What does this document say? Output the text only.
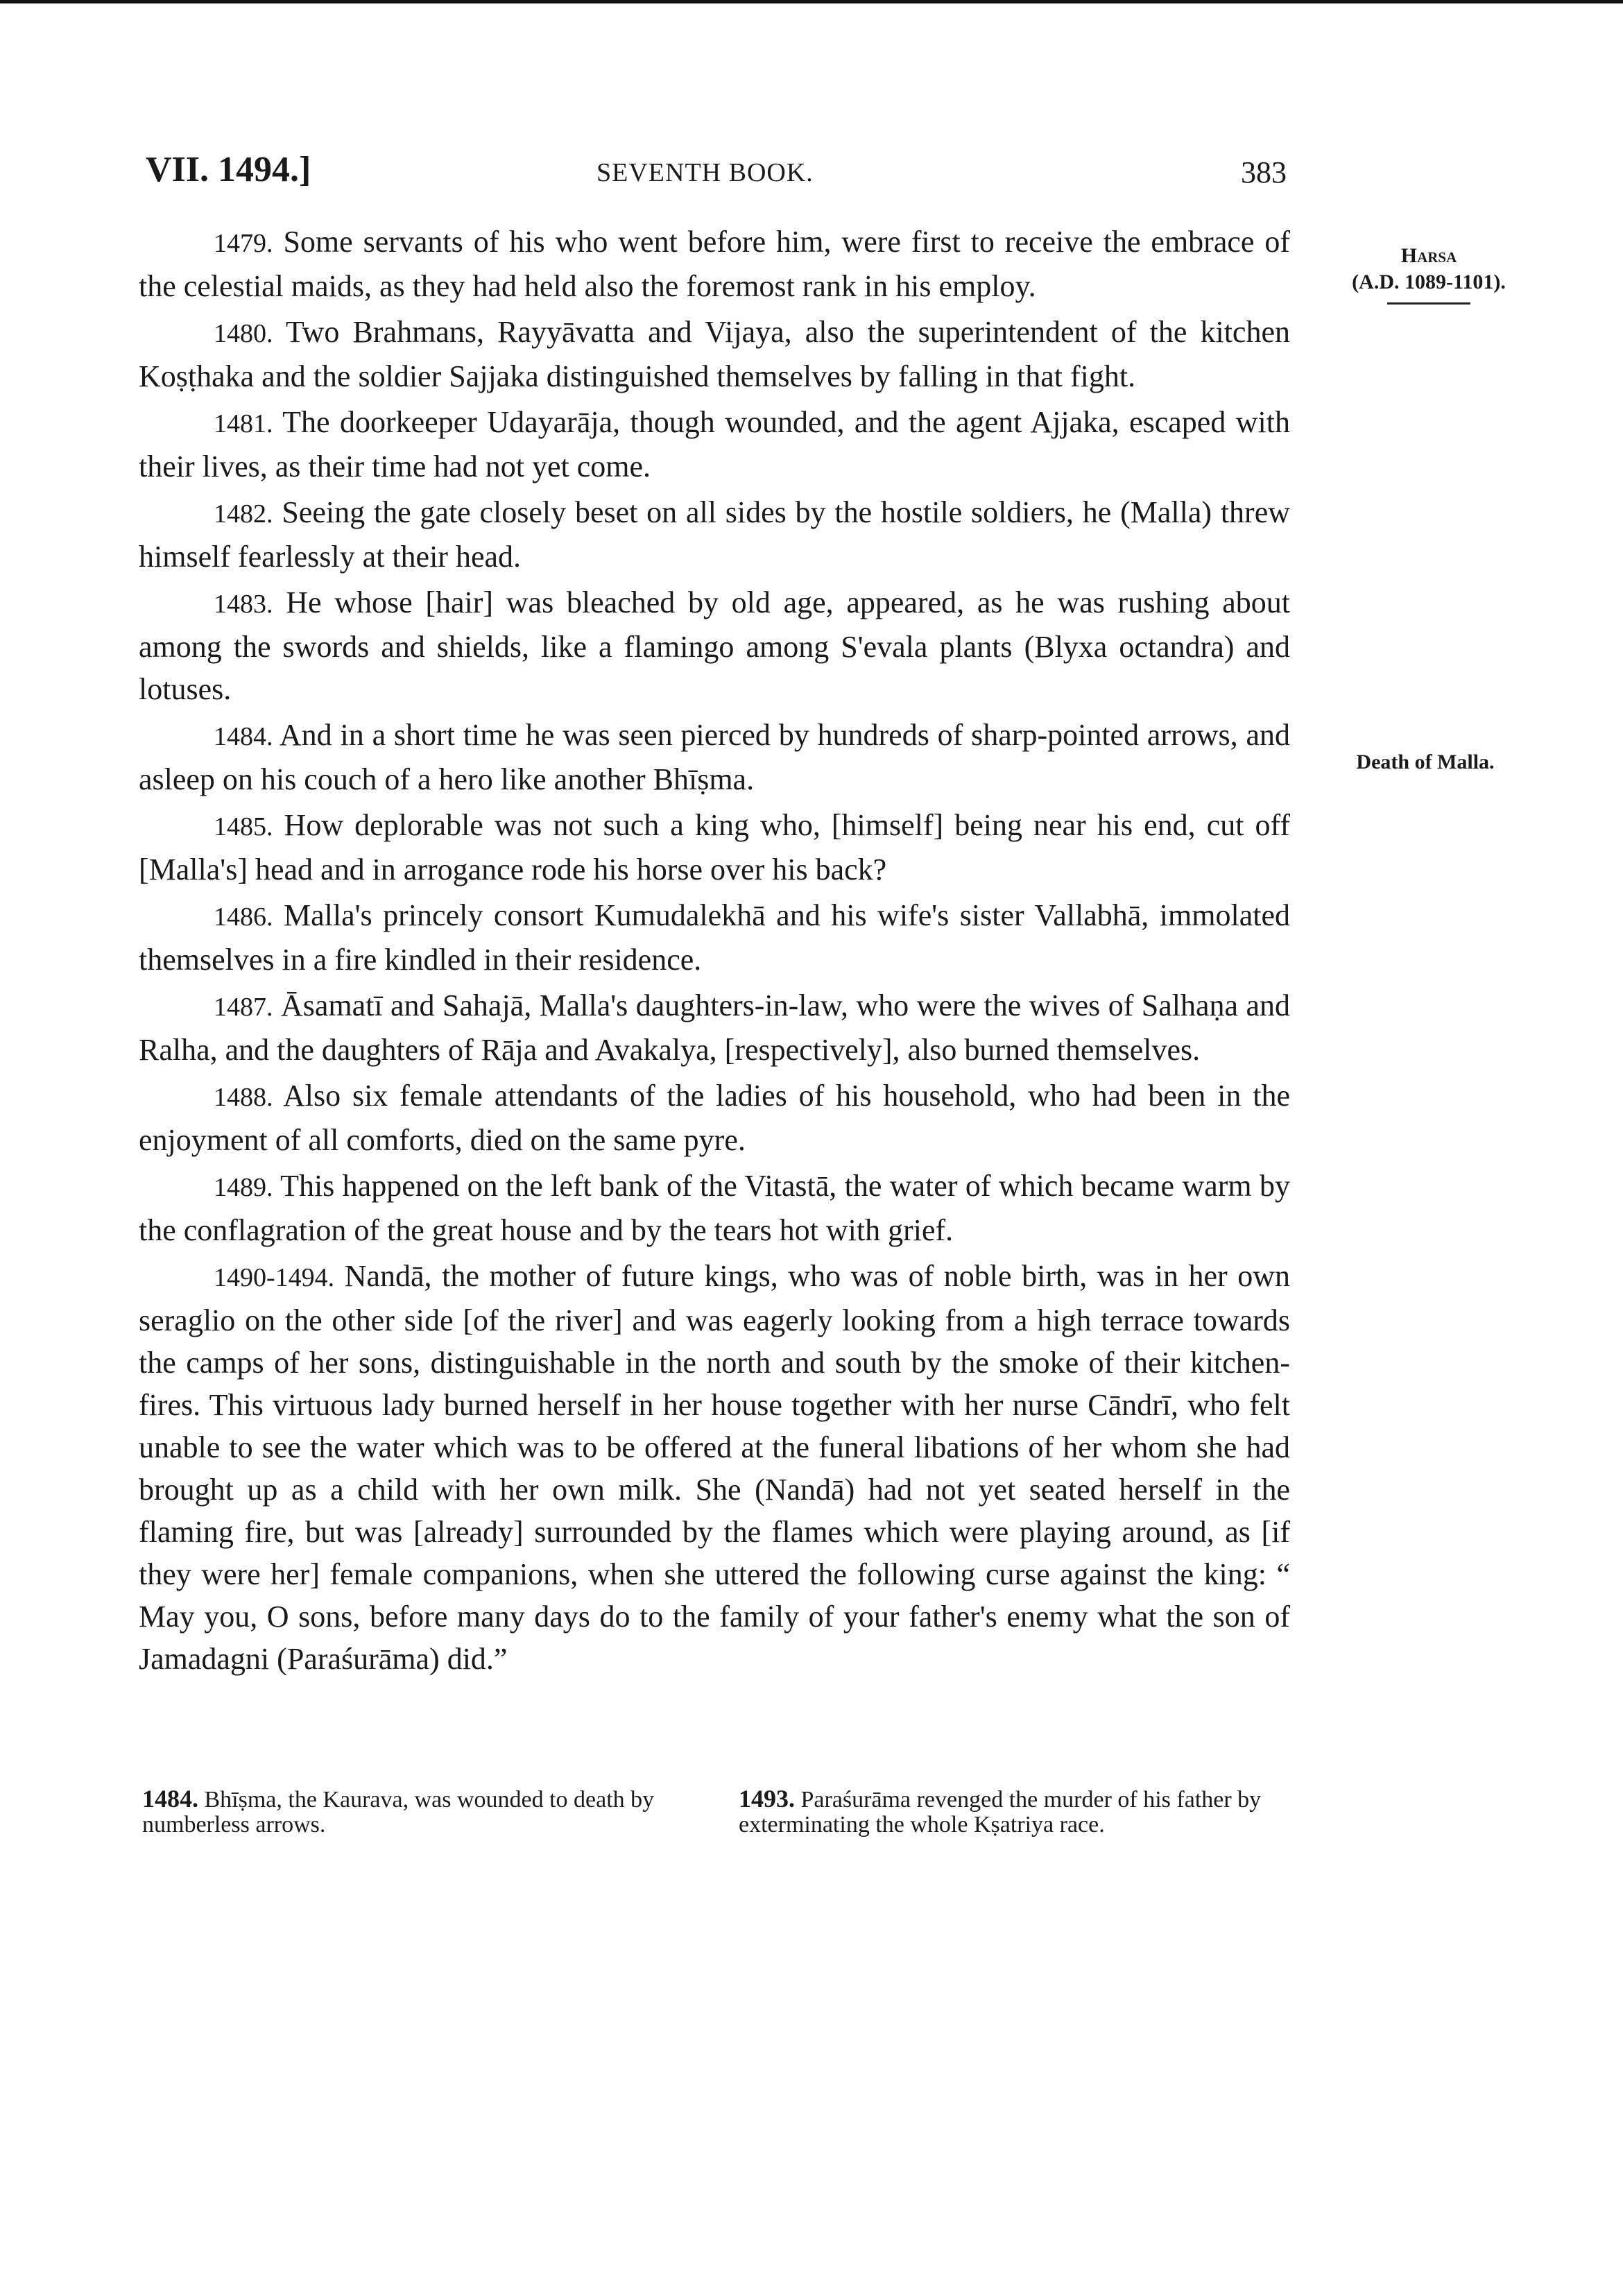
VII. 1494.]	SEVENTH BOOK.	383
Harsa
(A.D. 1089-1101).
Death of Malla.

1479. Some servants of his who went before him, were first to receive the embrace of the celestial maids, as they had held also the foremost rank in his employ.

1480. Two Brahmans, Rayyāvatta and Vijaya, also the superintendent of the kitchen Koṣṭhaka and the soldier Sajjaka distinguished themselves by falling in that fight.

1481. The doorkeeper Udayarāja, though wounded, and the agent Ajjaka, escaped with their lives, as their time had not yet come.

1482. Seeing the gate closely beset on all sides by the hostile soldiers, he (Malla) threw himself fearlessly at their head.

1483. He whose [hair] was bleached by old age, appeared, as he was rushing about among the swords and shields, like a flamingo among S'evala plants (Blyxa octandra) and lotuses.

1484. And in a short time he was seen pierced by hundreds of sharp-pointed arrows, and asleep on his couch of a hero like another Bhīṣma.

1485. How deplorable was not such a king who, [himself] being near his end, cut off [Malla's] head and in arrogance rode his horse over his back?

1486. Malla's princely consort Kumudalekhā and his wife's sister Vallabhā, immolated themselves in a fire kindled in their residence.

1487. Āsamatī and Sahajā, Malla's daughters-in-law, who were the wives of Salhaṇa and Ralha, and the daughters of Rāja and Avakalya, [respectively], also burned themselves.

1488. Also six female attendants of the ladies of his household, who had been in the enjoyment of all comforts, died on the same pyre.

1489. This happened on the left bank of the Vitastā, the water of which became warm by the conflagration of the great house and by the tears hot with grief.

1490-1494. Nandā, the mother of future kings, who was of noble birth, was in her own seraglio on the other side [of the river] and was eagerly looking from a high terrace towards the camps of her sons, distinguishable in the north and south by the smoke of their kitchen-fires. This virtuous lady burned herself in her house together with her nurse Cāndrī, who felt unable to see the water which was to be offered at the funeral libations of her whom she had brought up as a child with her own milk. She (Nandā) had not yet seated herself in the flaming fire, but was [already] surrounded by the flames which were playing around, as [if they were her] female companions, when she uttered the following curse against the king: “ May you, O sons, before many days do to the family of your father's enemy what the son of Jamadagni (Paraśurāma) did.”

1484. Bhīṣma, the Kaurava, was wounded to death by numberless arrows.

1493. Paraśurāma revenged the murder of his father by exterminating the whole Kṣatriya race.
